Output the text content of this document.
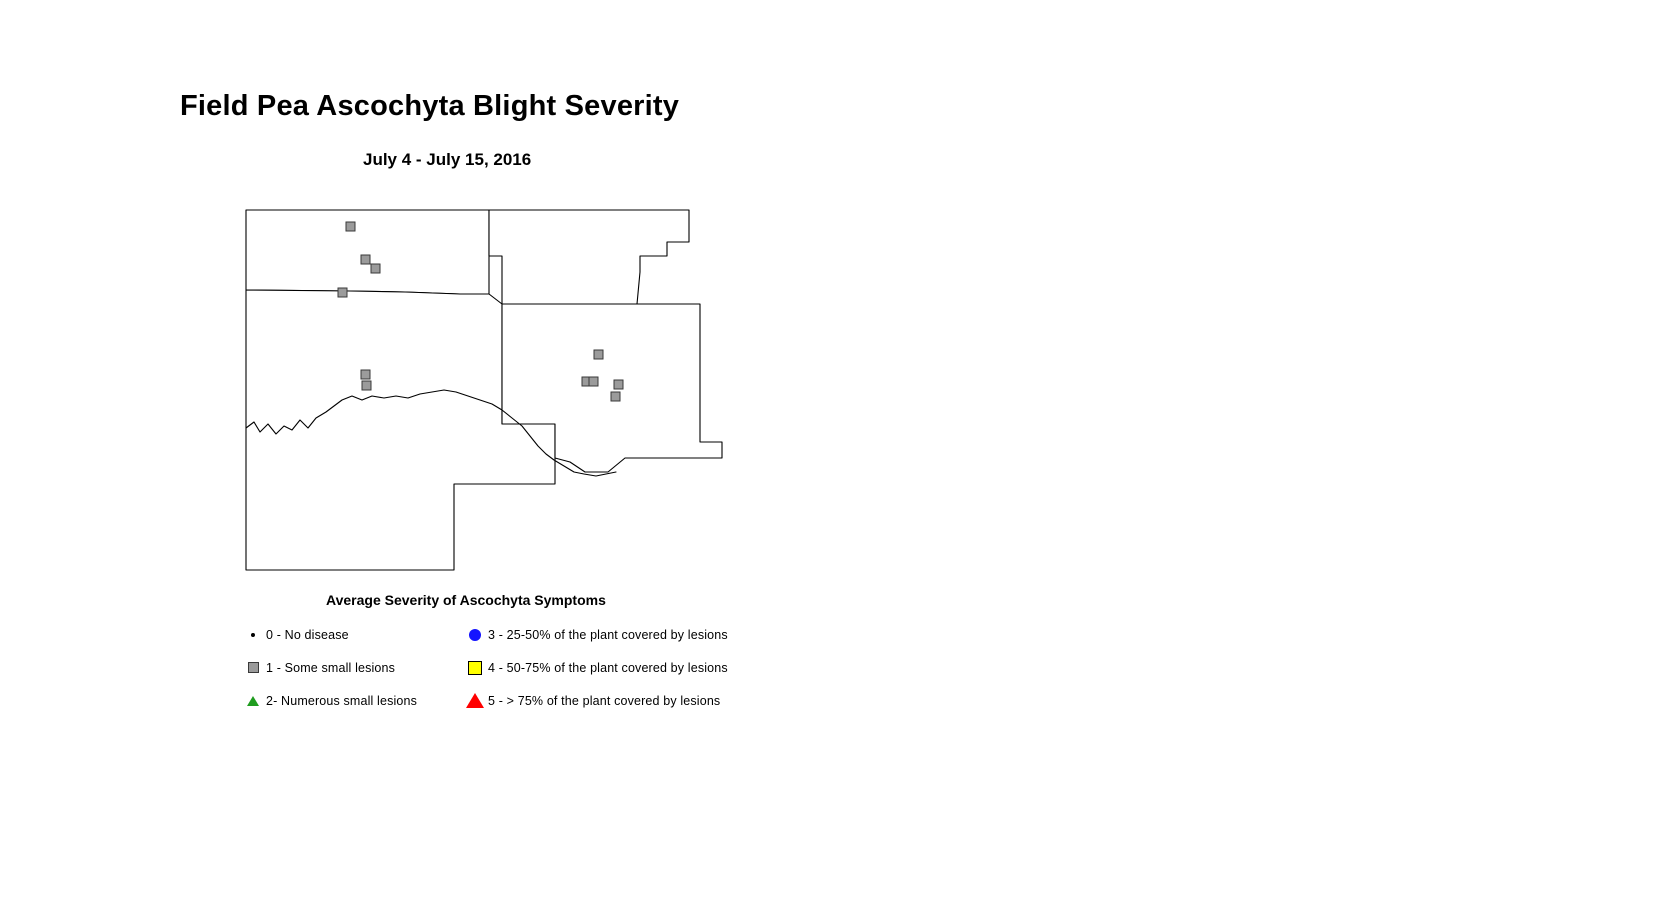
Field Pea Ascochyta Blight Severity
July 4 - July 15, 2016
Average Severity of Ascochyta Symptoms
0 - No disease
1 - Some small lesions
2- Numerous small lesions
3 - 25-50% of the plant covered by lesions
4 - 50-75% of the plant covered by lesions
5 - > 75% of the plant covered by lesions
